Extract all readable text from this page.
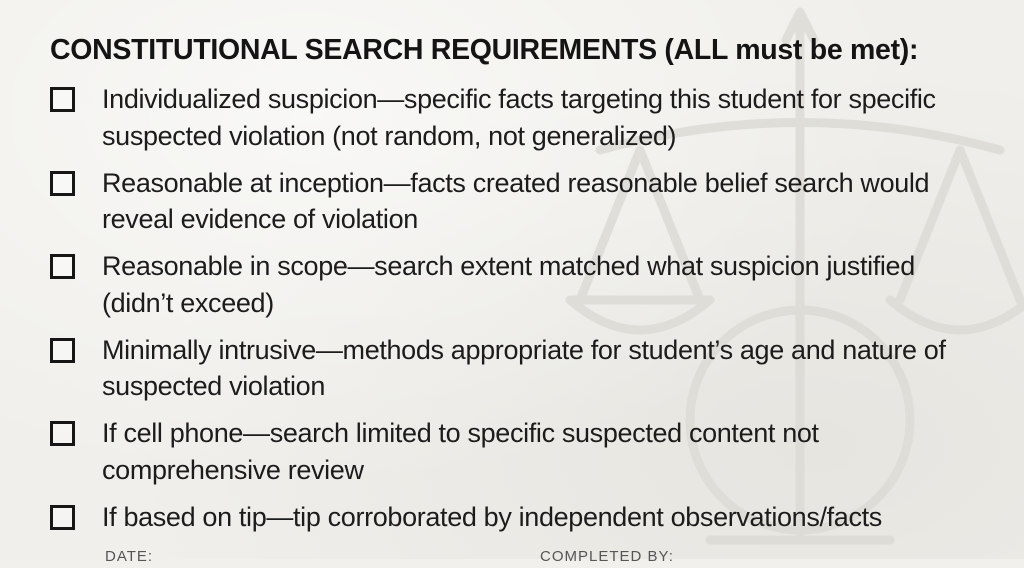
CONSTITUTIONAL SEARCH REQUIREMENTS (ALL must be met):
Individualized suspicion—specific facts targeting this student for specific suspected violation (not random, not generalized)
Reasonable at inception—facts created reasonable belief search would reveal evidence of violation
Reasonable in scope—search extent matched what suspicion justified (didn’t exceed)
Minimally intrusive—methods appropriate for student’s age and nature of suspected violation
If cell phone—search limited to specific suspected content not comprehensive review
If based on tip—tip corroborated by independent observations/facts
DATE:	COMPLETED BY:
